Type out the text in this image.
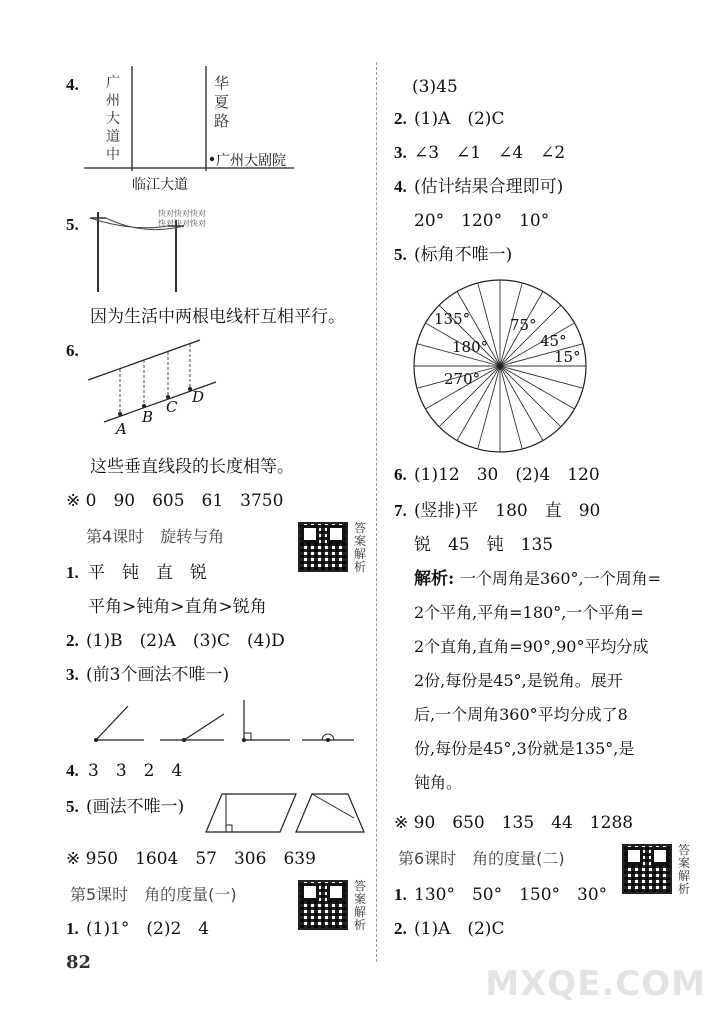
4. 广州大道中
华夏路
广州大剧院
临江大道
5.
快对快对快对
快对快对快对
因为生活中两根电线杆互相平行。
6.
A
B
C
D
这些垂直线段的长度相等。
※ 0　90　605　61　3750
第4课时　旋转与角	答案解析
1. 平　钝　直　锐
平角>钝角>直角>锐角
2. (1)B　(2)A　(3)C　(4)D
3. (前3个画法不唯一)
4. 3　3　2　4
5. (画法不唯一)
※ 950　1604　57　306　639
第5课时　角的度量(一)	答案解析
1. (1)1°　(2)2　4
82
(3)45
2. (1)A　(2)C
3. ∠3　∠1　∠4　∠2
4. (估计结果合理即可)
20°　120°　10°
5. (标角不唯一)
135°	75°
45°
180°
15°
270°
6. (1)12　30　(2)4　120
7. (竖排)平　180　直　90
锐　45　钝　135
解析: 一个周角是360°,一个周角=
2个平角,平角=180°,一个平角=
2个直角,直角=90°,90°平均分成
2份,每份是45°,是锐角。展开
后,一个周角360°平均分成了8
份,每份是45°,3份就是135°,是
钝角。
※ 90　650　135　44　1288
第6课时　角的度量(二)	答案解析
1. 130°　50°　150°　30°
2. (1)A　(2)C
MXQE.COM
